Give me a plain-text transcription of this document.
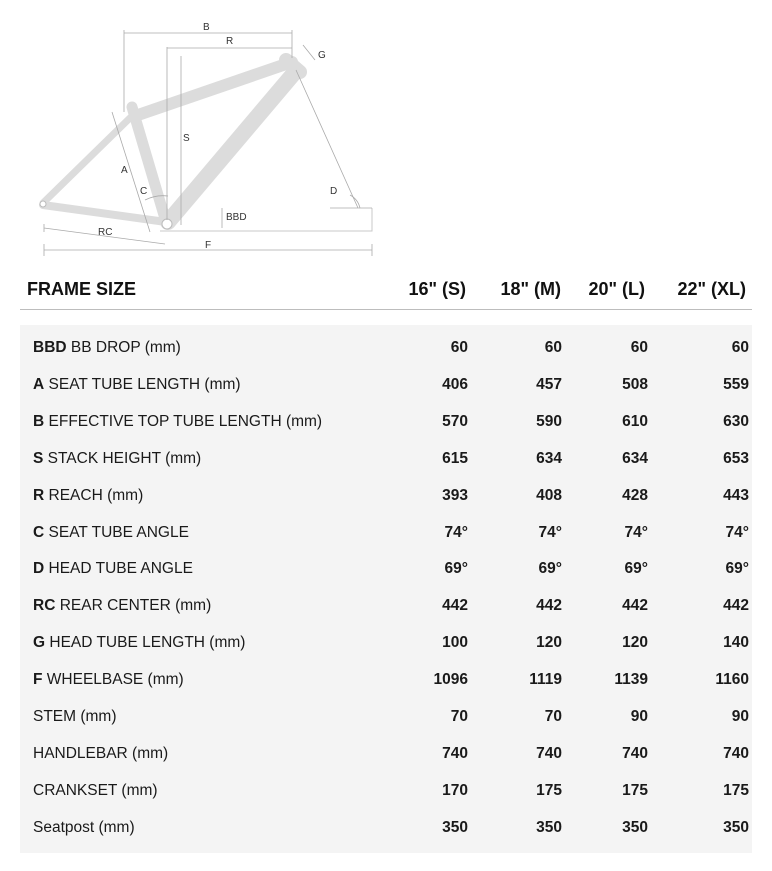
B
R
G
S
A
C	D
BBD
RC
F
FRAME SIZE	16" (S) 18" (M) 20" (L) 22" (XL)
BBD BB DROP (mm)	60	60	60	60
A SEAT TUBE LENGTH (mm)	406	457	508	559
B EFFECTIVE TOP TUBE LENGTH (mm)	570	590	610	630
S STACK HEIGHT (mm)	615	634	634	653
R REACH (mm)	393	408	428	443
C SEAT TUBE ANGLE	74°	74°	74°	74°
D HEAD TUBE ANGLE	69°	69°	69°	69°
RC REAR CENTER (mm)	442	442	442	442
G HEAD TUBE LENGTH (mm)	100	120	120	140
F WHEELBASE (mm)	1096	1119	1139	1160
STEM (mm)	70	70	90	90
HANDLEBAR (mm)	740	740	740	740
CRANKSET (mm)	170	175	175	175
Seatpost (mm)	350	350	350	350
